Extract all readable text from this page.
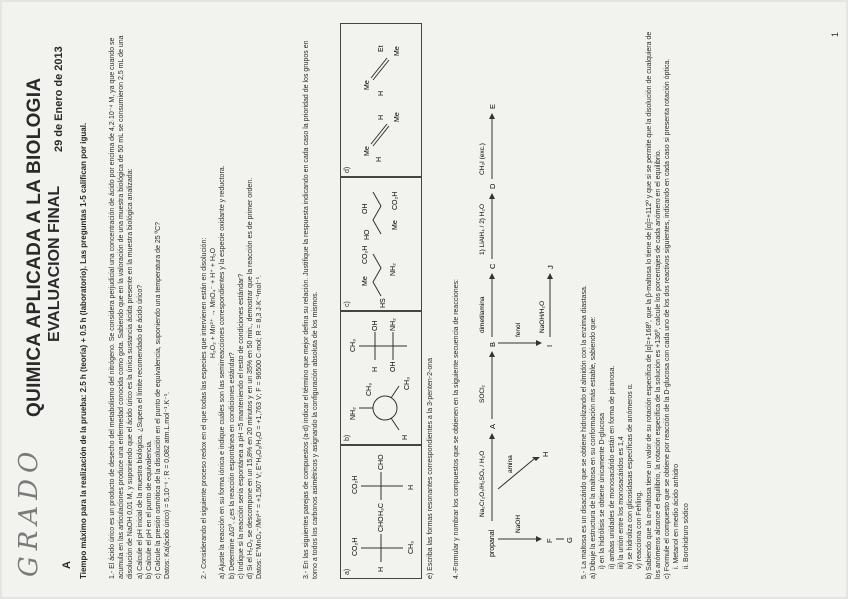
GRADO A
QUIMICA APLICADA A LA BIOLOGIA EVALUACION FINAL
29 de Enero de 2013
Tiempo máximo para la realización de la prueba: 2.5 h (teoría) + 0.5 h (laboratorio). Las preguntas 1-5 califican por igual.	1.- El ácido úrico es un producto de desecho del metabolismo del nitrógeno. Se considera perjudicial una concentración de ácido por encima de 4,2·10⁻⁴ M, ya que cuando se acumula en las articulaciones produce una enfermedad conocida como gota. Sabiendo que en la valoración de una muestra biológica de 50 mL se consumieron 2,5 mL de una disolución de NaOH 0,01 M, y suponiendo que el ácido úrico es la única sustancia ácida presente en la muestra biológica analizada: a) Calcule el pH inicial de la muestra biológica. ¿Supera el límite recomendado de ácido úrico? b) Calcule el pH en el punto de equivalencia. c) Calcule la presión osmótica de la disolución en el punto de equivalencia, suponiendo una temperatura de 25 ºC? Datos: Ka(ácido úrico) = 5,10⁻⁶ ; R = 0,082 atm.L.mol⁻¹.K⁻¹.	2.- Considerando el siguiente proceso redox en el que todas las especies que intervienen están en disolución: H₂O₂ + Mn²⁺ → MnO₄⁻ + H⁺ + H₂O a) Ajuste la reacción en su forma iónica e indique cuáles son las semirreacciones correspondientes y la especie oxidante y reductora. b) Determine ΔGº, ¿es la reacción espontánea en condiciones estándar? c) Indique si la reacción sería espontánea a pH =5 manteniendo el resto de condiciones estándar? d) Si el H₂O₂ se descompone en un 15,8% en 20 minutos y en un 35% en 50 min., demostrar que la reacción es de primer orden. Datos: E°MnO₄⁻/Mn²⁺ = +1,507 V; E°H₂O₂/H₂O = +1,763 V; F = 96500 C·mol; R = 8,3 J·K⁻¹mol⁻¹.	3.- En las siguientes parejas de compuestos (a-d) indicar el término que mejor defina su relación. Justifique la respuesta indicando en cada caso la prioridad de los grupos en torno a todos los carbonos asimétricos y asignando la configuración absoluta de los mismos.	a)
CO₂H
H
CHO
CH₃
CO₂H
H₃C
CHO
H
b)
CH₃
NH₂
H
CH₃
H
OH NH₂
OH
CH₃
c)	HS
Me
NH₂
CO₂H
HO
OH
Me
CO₂H
d)
Me
Me
H
H
Me
Me
H
Et

e) Escriba las formas resonantes correspondientes a la 3-penten-2-ona	4.-Formular y nombrar los compuestos que se obtienen en la siguiente secuencia de reacciones:	propanal
Na₂Cr₂O₇/H₂SO₄ / H₂O
A
SOCl₂
B
dimetilamina
C
1) LiAlH₄ / 2) H₂O
D
CH₃I (exc.)
E
fenol
I
NaOH/H₂O
J
NaOH
F G
amina
H	5.- La maltosa es un disacárido que se obtiene hidrolizando el almidón con la enzima diastasa. a) Dibuje la estructura de la maltosa en su conformación más estable, sabiendo que: i) en la hidrólisis se obtiene únicamente D-glucosa ii) ambas unidades de monosacárido están en forma de piranosa. iii) la unión entre los monosacáridos es 1,4 iv) se hidroliza con glicosidasas específicas de anómeros α. v) reacciona con Fehling. b) Sabiendo que la α-maltosa tiene un valor de su rotación específica de [α]=+168º, que la β-maltosa lo tiene de [α]=+112º y que si se permite que la disolución de cualquiera de los anómeros alcance el equilibrio, la rotación específica de la solución es +136º, calcule los porcentajes de cada anómero en el equilibrio. c) Formule el compuesto que se obtiene por reacción de la D-glucosa con cada uno de los dos reactivos siguientes, indicando en cada caso si presenta rotación óptica. i. Metanol en medio ácido anhidro ii. Borohidruro sódico

1
